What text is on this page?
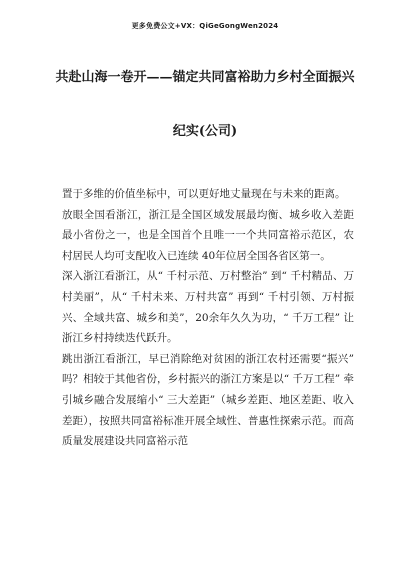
更多免费公文+VX：QiGeGongWen2024
共赴山海一卷开——锚定共同富裕助力乡村全面振兴
纪实(公司)

置于多维的价值坐标中，可以更好地丈量现在与未来的距离。

放眼全国看浙江，浙江是全国区域发展最均衡、城乡收入差距最小省份之一，也是全国首个且唯一一个共同富裕示范区，农村居民人均可支配收入已连续 40年位居全国各省区第一。

深入浙江看浙江，从“ 千村示范、万村整治” 到“ 千村精品、万村美丽”，从“ 千村未来、万村共富” 再到“ 千村引领、万村振兴、全域共富、城乡和美”，20余年久久为功，“ 千万工程” 让浙江乡村持续迭代跃升。

跳出浙江看浙江，早已消除绝对贫困的浙江农村还需要“振兴” 吗？相较于其他省份，乡村振兴的浙江方案是以“ 千万工程” 牵引城乡融合发展缩小“ 三大差距”（城乡差距、地区差距、收入差距），按照共同富裕标准开展全域性、普惠性探索示范。而高质量发展建设共同富裕示范
